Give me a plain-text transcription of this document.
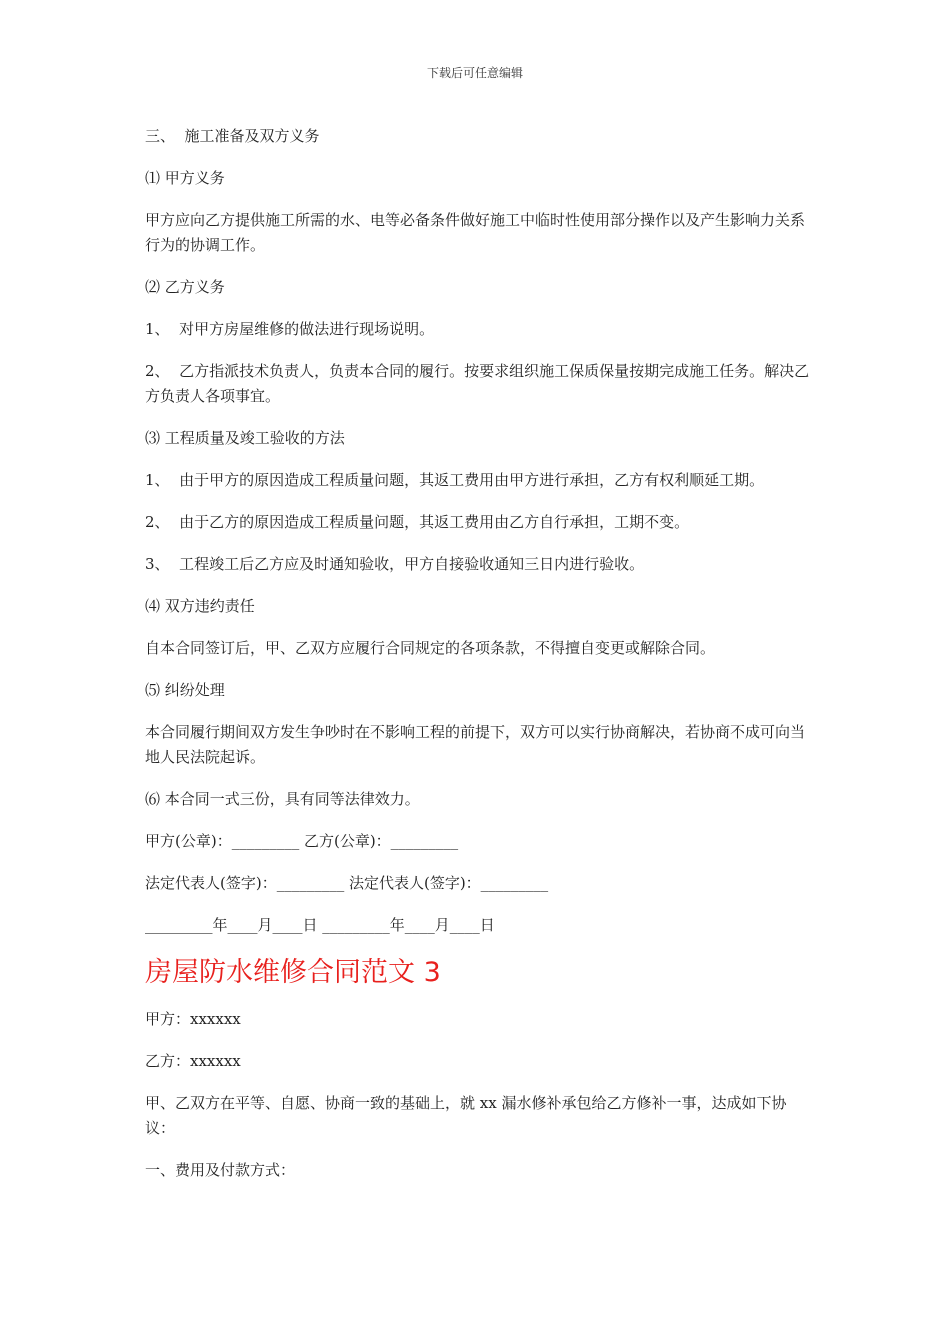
下载后可任意编辑

三、  施工准备及双方义务

⑴ 甲方义务

甲方应向乙方提供施工所需的水、电等必备条件做好施工中临时性使用部分操作以及产生影响力关系行为的协调工作。

⑵ 乙方义务

1、  对甲方房屋维修的做法进行现场说明。

2、  乙方指派技术负责人，负责本合同的履行。按要求组织施工保质保量按期完成施工任务。解决乙方负责人各项事宜。

⑶ 工程质量及竣工验收的方法

1、  由于甲方的原因造成工程质量问题，其返工费用由甲方进行承担，乙方有权利顺延工期。

2、  由于乙方的原因造成工程质量问题，其返工费用由乙方自行承担，工期不变。

3、  工程竣工后乙方应及时通知验收，甲方自接验收通知三日内进行验收。

⑷ 双方违约责任

自本合同签订后，甲、乙双方应履行合同规定的各项条款，不得擅自变更或解除合同。

⑸ 纠纷处理

本合同履行期间双方发生争吵时在不影响工程的前提下，双方可以实行协商解决，若协商不成可向当地人民法院起诉。

⑹ 本合同一式三份，具有同等法律效力。

甲方(公章)：_________ 乙方(公章)：_________

法定代表人(签字)：_________ 法定代表人(签字)：_________

_________年____月____日 _________年____月____日

房屋防水维修合同范文 3

甲方：xxxxxx

乙方：xxxxxx

甲、乙双方在平等、自愿、协商一致的基础上，就 xx 漏水修补承包给乙方修补一事，达成如下协议：

一、费用及付款方式：
